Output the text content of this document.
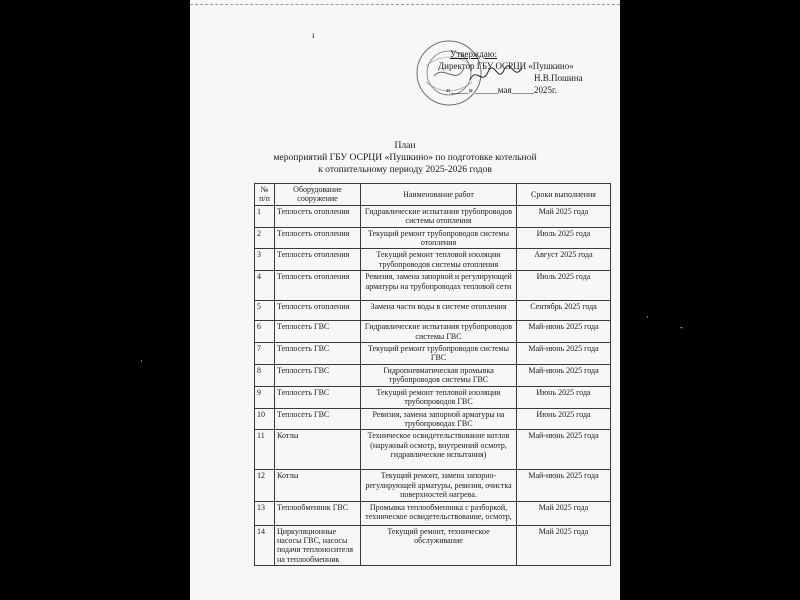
ı
Утверждаю:
Директор ГБУ ОСРЦИ «Пушкино»
Н.В.Пошина
«____» _____мая_____2025г.
План
мероприятий ГБУ ОСРЦИ «Пушкино» по подготовке котельной
к отопительному периоду 2025-2026 годов
№ п/п	Оборудование сооружение	Наименование работ	Сроки выполнения
1	Теплосеть отопления	Гидравлические испытания трубопроводов системы отопления	Май 2025 года
2	Теплосеть отопления	Текущий ремонт трубопроводов системы отопления	Июль 2025 года
3	Теплосеть отопления	Текущий ремонт тепловой изоляции трубопроводов системы отопления	Август 2025 года
4	Теплосеть отопления	Ревизия, замена запорной и регулирующей арматуры на трубопроводах тепловой сети	Июль 2025 года
5	Теплосеть отопления	Замена части воды в системе отопления	Сентябрь 2025 года
6	Теплосеть ГВС	Гидравлические испытания трубопроводов системы ГВС	Май-июнь 2025 года
7	Теплосеть ГВС	Текущий ремонт трубопроводов системы ГВС	Май-июнь 2025 года
8	Теплосеть ГВС	Гидропневматическая промывка трубопроводов системы ГВС	Май-июнь 2025 года
9	Теплосеть ГВС	Текущий ремонт тепловой изоляции трубопроводов ГВС	Июнь 2025 года
10	Теплосеть ГВС	Ревизия, замена запорной арматуры на трубопроводах ГВС	Июнь 2025 года
11	Котлы	Техническое освидетельствование котлов (наружный осмотр, внутренний осмотр, гидравлические испытания)	Май-июнь 2025 года
12	Котлы	Текущий ремонт, замена запорно-регулирующей арматуры, ревизия, очистка поверхностей нагрева.	Май-июнь 2025 года
13	Теплообменник ГВС	Промывка теплообменника с разборкой, техническое освидетельствование, осмотр,	Май 2025 года
14	Циркуляционные насосы ГВС, насосы подачи теплоносителя на теплообменник	Текущий ремонт, техническое обслуживание	Май 2025 года
·
-
·
